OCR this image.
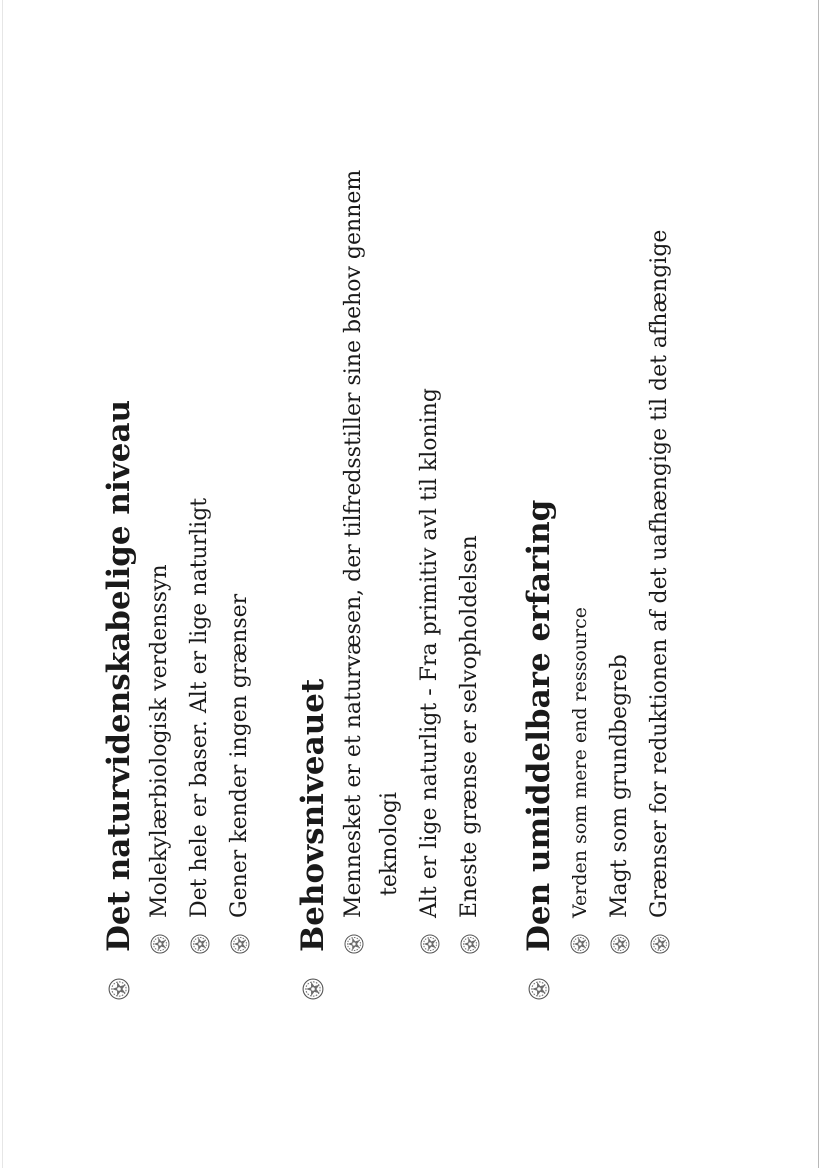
Det naturvidenskabelige niveau Molekylærbiologisk verdenssyn Det hele er baser. Alt er lige naturligt Gener kender ingen grænser Behovsniveauet Mennesket er et naturvæsen, der tilfredsstiller sine behov gennem teknologi Alt er lige naturligt - Fra primitiv avl til kloning Eneste grænse er selvopholdelsen Den umiddelbare erfaring Verden som mere end ressource Magt som grundbegreb Grænser for reduktionen af det uafhængige til det afhængige
